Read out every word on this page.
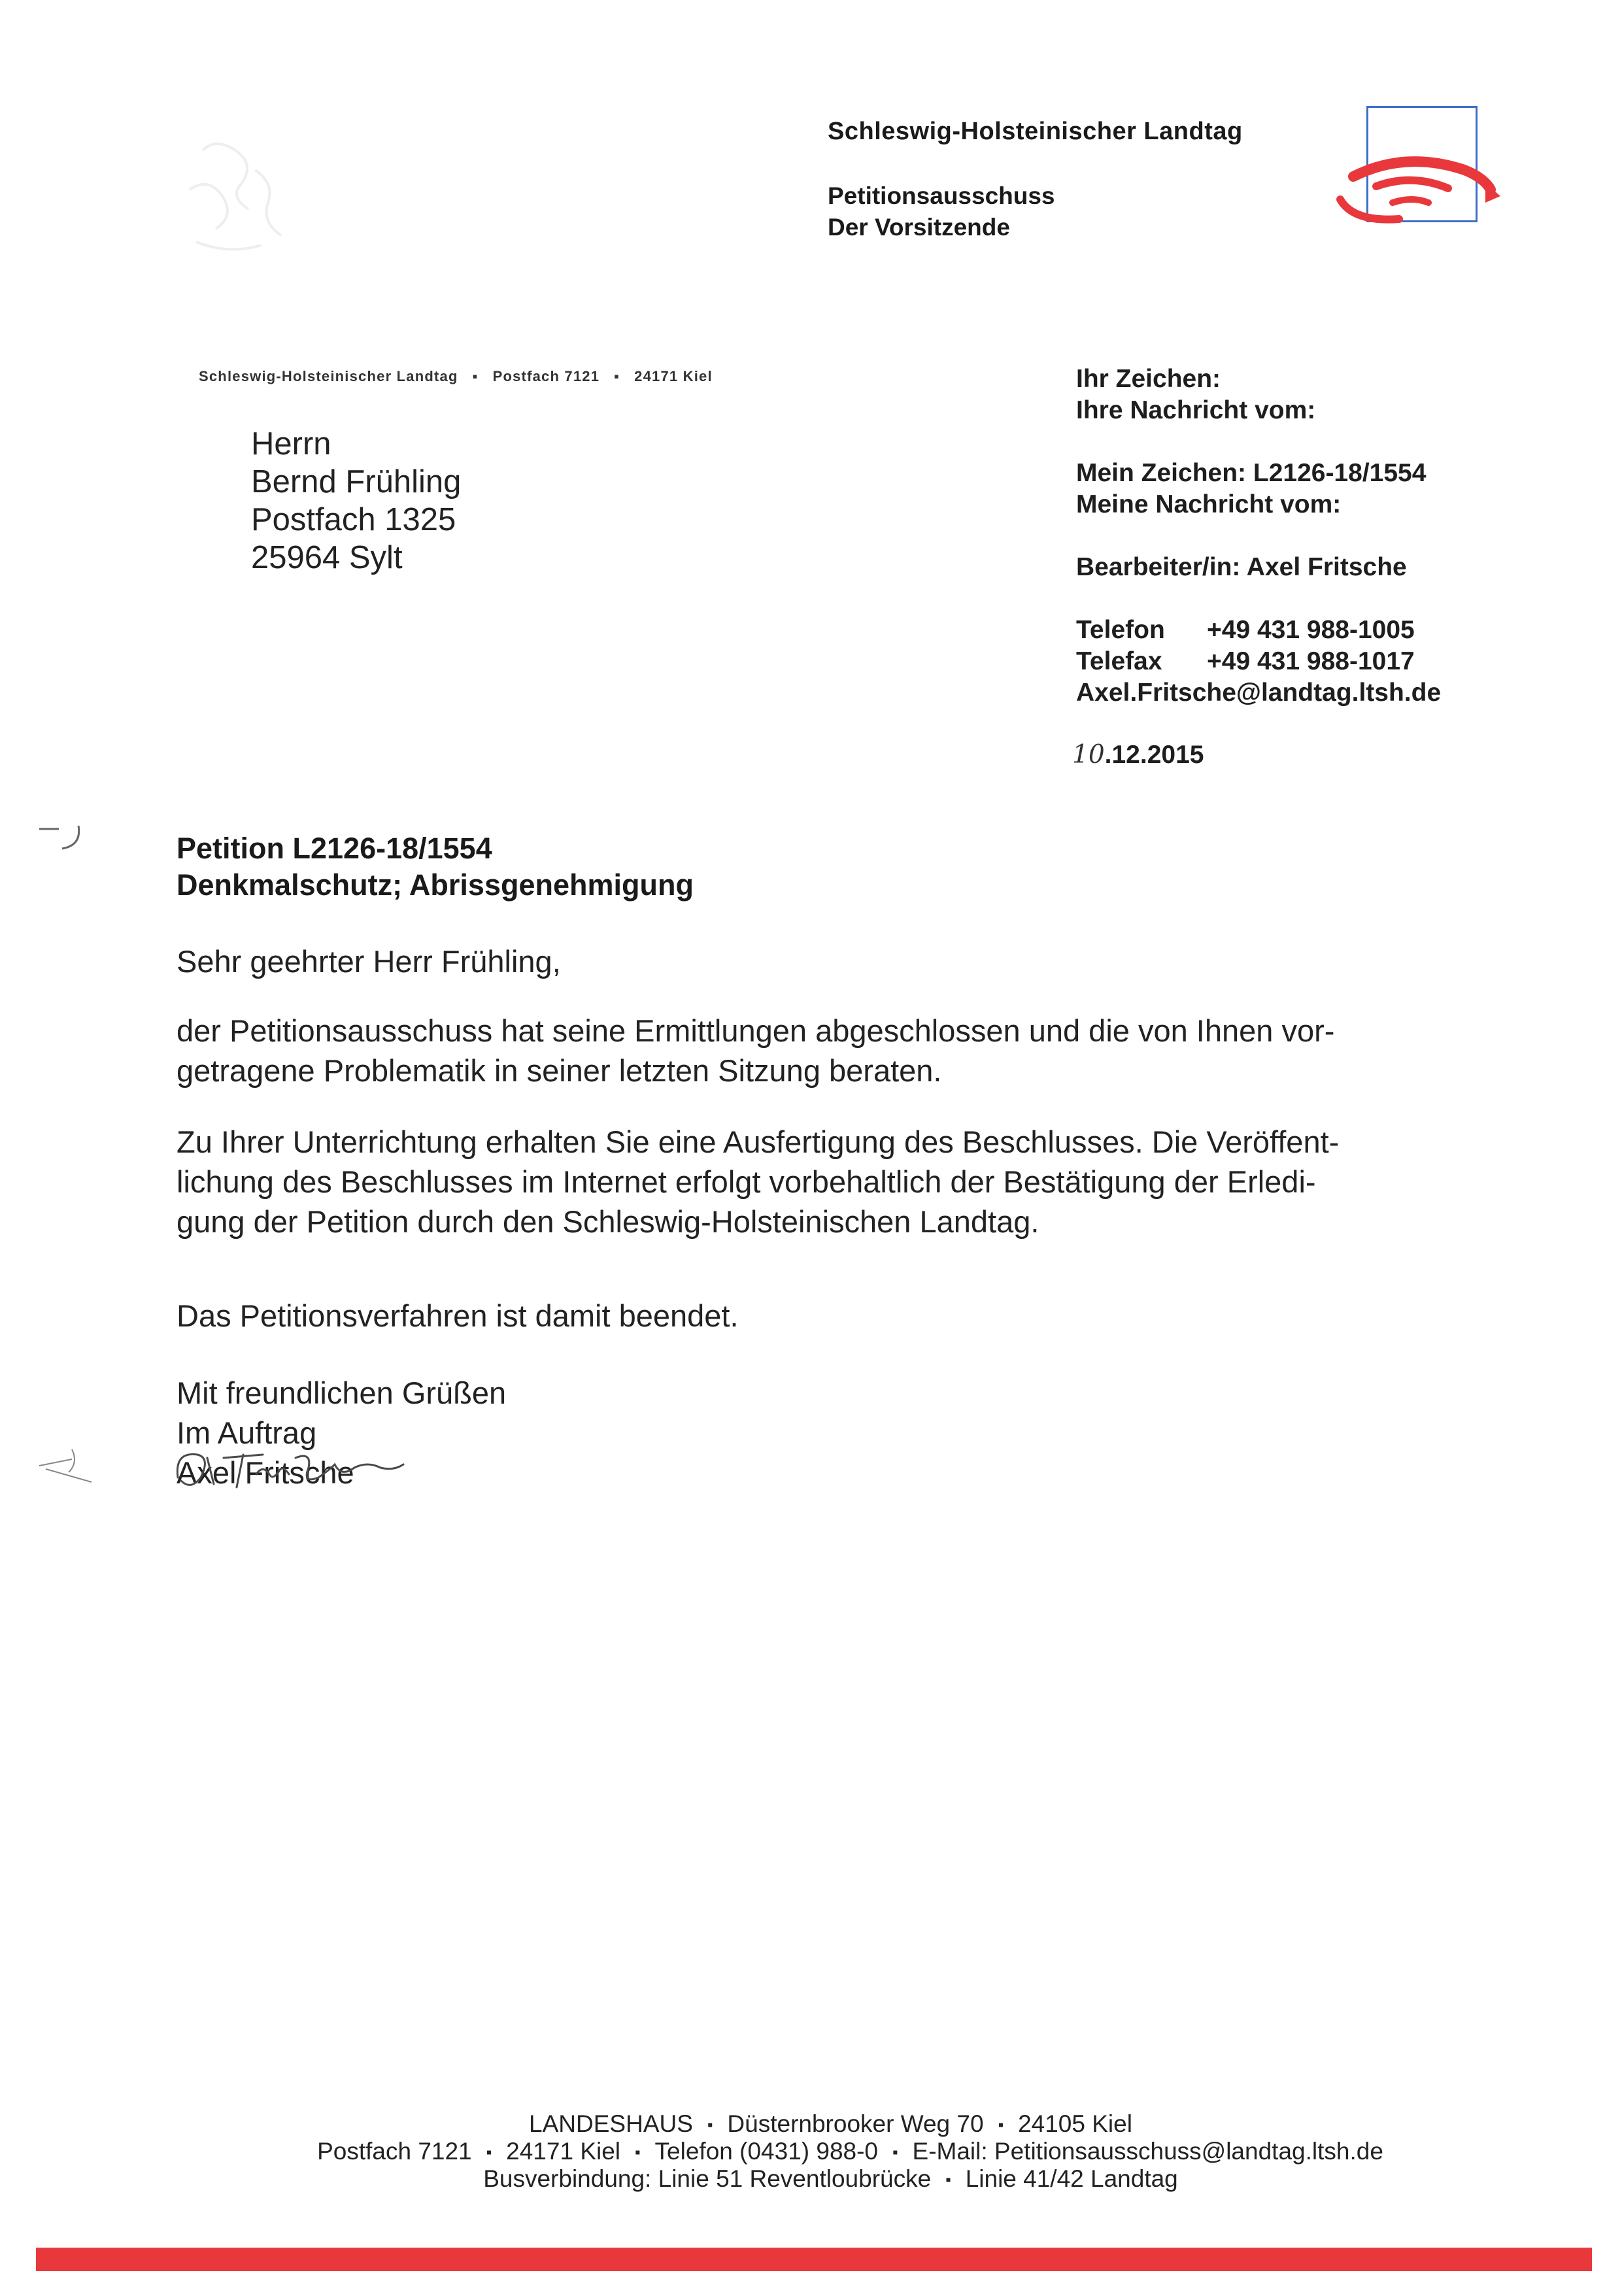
Schleswig-Holsteinischer Landtag
Petitionsausschuss
Der Vorsitzende
Schleswig-Holsteinischer Landtag ▪ Postfach 7121 ▪ 24171 Kiel
Herrn
Bernd Frühling
Postfach 1325
25964 Sylt
Ihr Zeichen:
Ihre Nachricht vom:
Mein Zeichen: L2126-18/1554
Meine Nachricht vom:
Bearbeiter/in: Axel Fritsche
Telefon +49 431 988-1005
Telefax +49 431 988-1017
Axel.Fritsche@landtag.ltsh.de
10.12.2015
Petition L2126-18/1554
Denkmalschutz; Abrissgenehmigung
Sehr geehrter Herr Frühling,
der Petitionsausschuss hat seine Ermittlungen abgeschlossen und die von Ihnen vor-
getragene Problematik in seiner letzten Sitzung beraten.
Zu Ihrer Unterrichtung erhalten Sie eine Ausfertigung des Beschlusses. Die Veröffent-
lichung des Beschlusses im Internet erfolgt vorbehaltlich der Bestätigung der Erledi-
gung der Petition durch den Schleswig-Holsteinischen Landtag.
Das Petitionsverfahren ist damit beendet.
Mit freundlichen Grüßen
Im Auftrag
Axel Fritsche
LANDESHAUS ▪ Düsternbrooker Weg 70 ▪ 24105 Kiel
Postfach 7121 ▪ 24171 Kiel ▪ Telefon (0431) 988-0 ▪ E-Mail: Petitionsausschuss@landtag.ltsh.de
Busverbindung: Linie 51 Reventloubrücke ▪ Linie 41/42 Landtag
